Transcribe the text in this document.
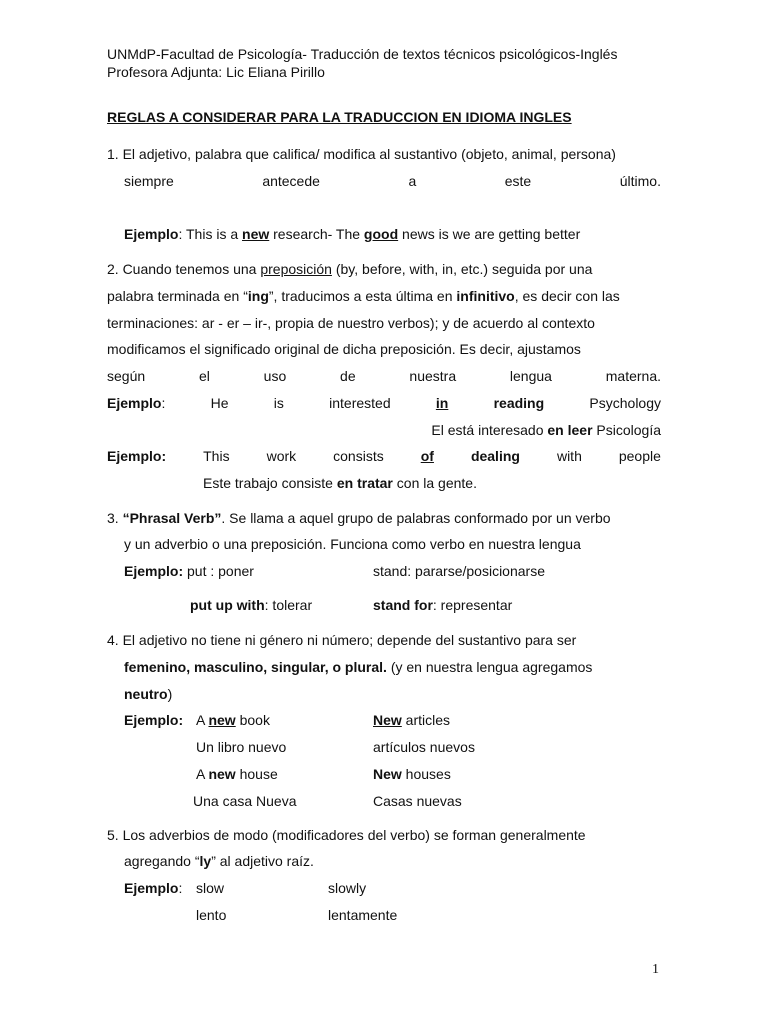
UNMdP-Facultad de Psicología- Traducción de textos técnicos psicológicos-Inglés
Profesora Adjunta: Lic Eliana Pirillo
REGLAS A CONSIDERAR PARA LA TRADUCCION EN IDIOMA INGLES
1. El adjetivo, palabra que califica/ modifica al sustantivo (objeto, animal, persona)
siempre	antecede	a	este	último.
Ejemplo: This is a new research- The good news is we are getting better
2. Cuando tenemos una preposición (by, before, with, in, etc.) seguida por una
palabra terminada en “ing”, traducimos a esta última en infinitivo, es decir con las
terminaciones: ar - er – ir-, propia de nuestro verbos); y de acuerdo al contexto
modificamos el significado original de dicha preposición. Es decir, ajustamos
según	el	uso	de	nuestra	lengua	materna.
Ejemplo:	He	is	interested	in	reading	Psychology
El está interesado en leer Psicología
Ejemplo:	This	work	consists	of	dealing	with	people
Este trabajo consiste en tratar con la gente.
3. “Phrasal Verb”. Se llama a aquel grupo de palabras conformado por un verbo
y un adverbio o una preposición. Funciona como verbo en nuestra lengua
Ejemplo: put : poner	stand: pararse/posicionarse
put up with: tolerar	stand for: representar
4. El adjetivo no tiene ni género ni número; depende del sustantivo para ser
femenino, masculino, singular, o plural. (y en nuestra lengua agregamos
neutro)
Ejemplo: A new book	New articles
Un libro nuevo	artículos nuevos
A new house	New houses
Una casa Nueva	Casas nuevas
5. Los adverbios de modo (modificadores del verbo) se forman generalmente
agregando “ly” al adjetivo raíz.
Ejemplo: slow	slowly
lento	lentamente
1
